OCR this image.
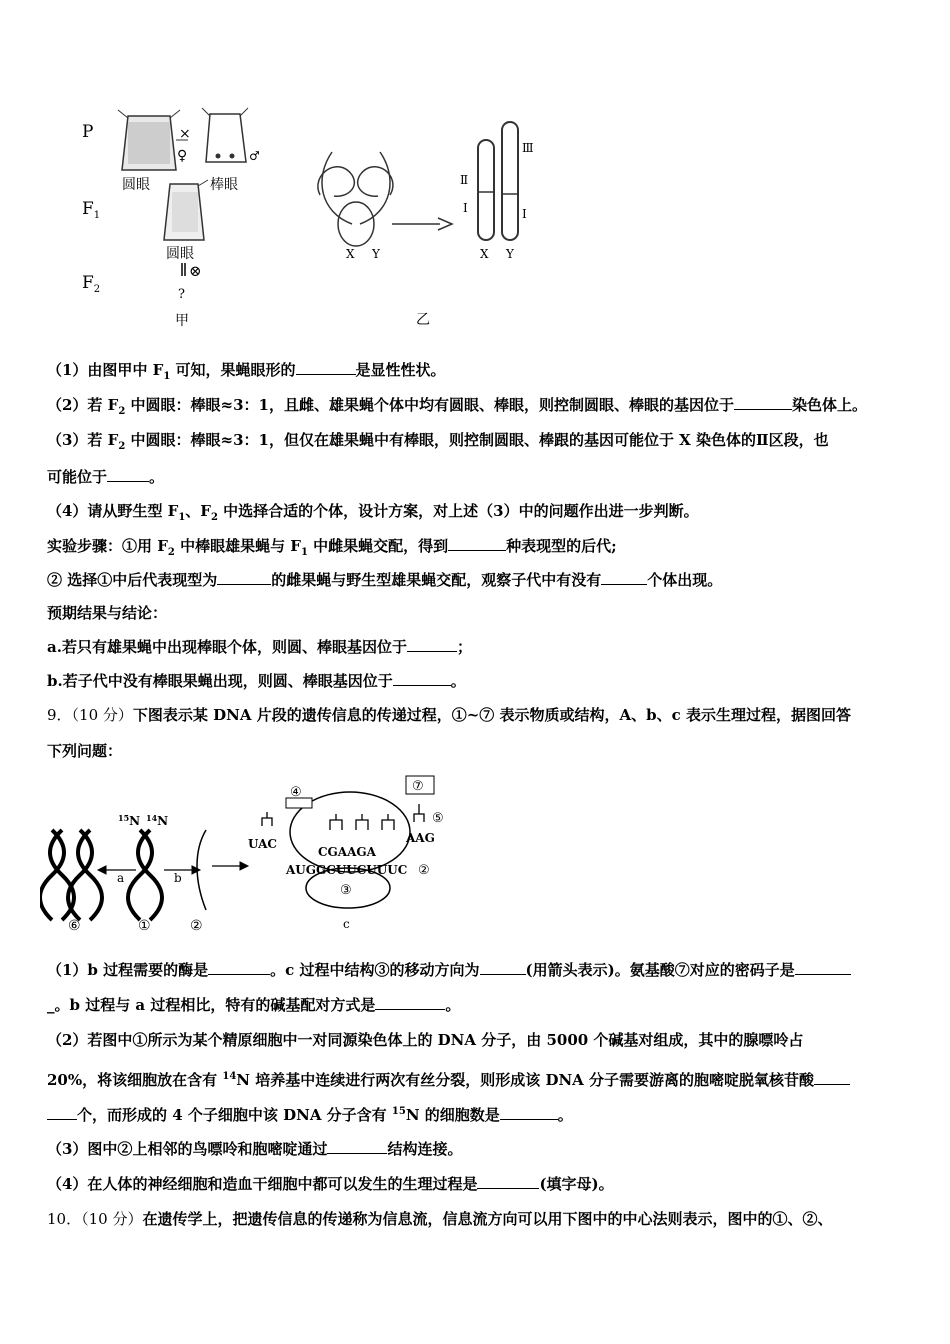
P
$F_1$
$F_2$
×
♀
圆眼
♂
棒眼
圆眼
⊗
?
甲
X Y
Ⅱ
Ⅰ
Ⅲ
Ⅰ
X Y
乙
（1）由图甲中 $F_1$ 可知，果蝇眼形的	是显性性状。
（2）若 $F_2$ 中圆眼：棒眼≈3：1，且雌、雄果蝇个体中均有圆眼、棒眼，则控制圆眼、棒眼的基因位于	染色体上。
（3）若 $F_2$ 中圆眼：棒眼≈3：1，但仅在雄果蝇中有棒眼，则控制圆眼、棒跟的基因可能位于 X 染色体的Ⅱ区段，也
可能位于	。
（4）请从野生型 $F_1$、$F_2$ 中选择合适的个体，设计方案，对上述（3）中的问题作出进一步判断。
实验步骤：①用 $F_2$ 中棒眼雄果蝇与 $F_1$ 中雌果蝇交配，得到	种表现型的后代;
② 选择①中后代表现型为	的雌果蝇与野生型雄果蝇交配，观察子代中有没有	个体出现。
预期结果与结论：
a.若只有雄果蝇中出现棒眼个体，则圆、棒眼基因位于	；
b.若子代中没有棒眼果蝇出现，则圆、棒眼基因位于	。
9．（10 分）下图表示某 DNA 片段的遗传信息的传递过程，①~⑦ 表示物质或结构，A、b、c 表示生理过程，据图回答
下列问题：
⑥
a
$^{15}$N $^{14}$N
①
b
②
④	⑦
⑤
UAC	AAG
CGAAGA
AUGGCUUCUUUC ②
③
c
（1）b 过程需要的酶是	。c 过程中结构③的移动方向为	(用箭头表示)。氨基酸⑦对应的密码子是
_。b 过程与 a 过程相比，特有的碱基配对方式是	。
（2）若图中①所示为某个精原细胞中一对同源染色体上的 DNA 分子，由 5000 个碱基对组成，其中的腺嘌呤占
20%，将该细胞放在含有 $^{14}$N 培养基中连续进行两次有丝分裂，则形成该 DNA 分子需要游离的胞嘧啶脱氧核苷酸
个，而形成的 4 个子细胞中该 DNA 分子含有 $^{15}$N 的细胞数是	。
（3）图中②上相邻的鸟嘌呤和胞嘧啶通过	结构连接。
（4）在人体的神经细胞和造血干细胞中都可以发生的生理过程是	(填字母)。
10．（10 分）在遗传学上，把遗传信息的传递称为信息流，信息流方向可以用下图中的中心法则表示，图中的①、②、
